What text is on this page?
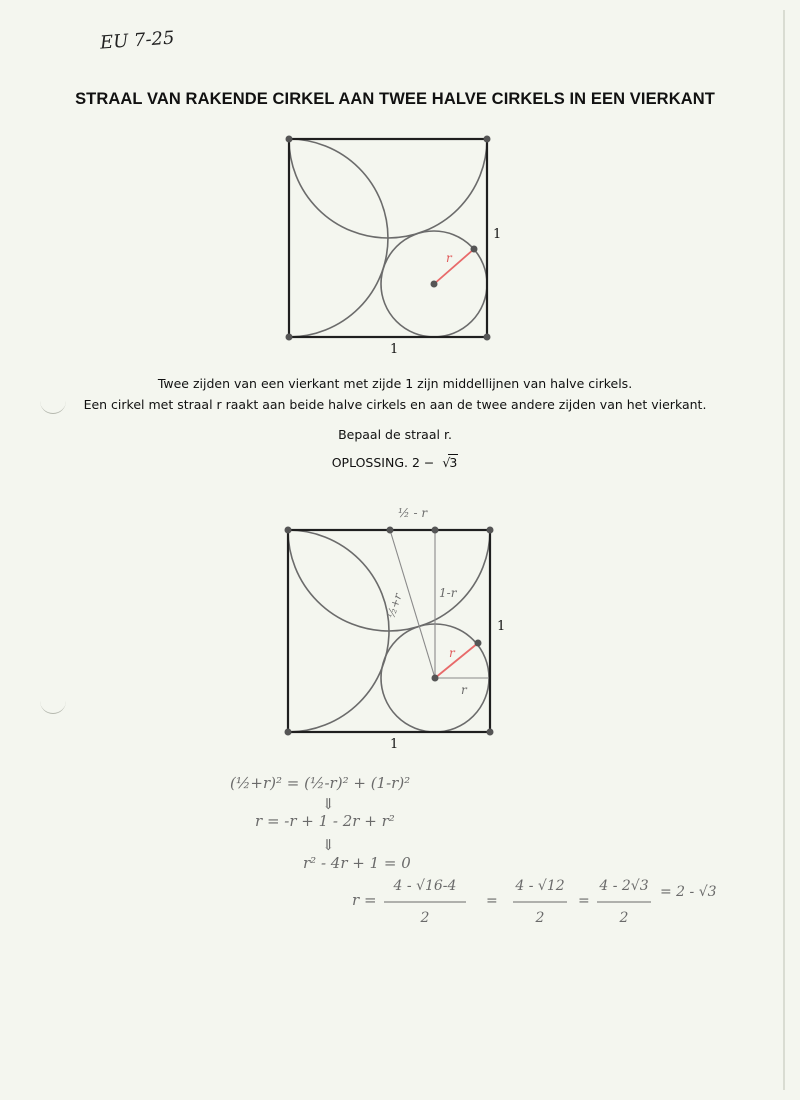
EU 7-25
STRAAL VAN RAKENDE CIRKEL AAN TWEE HALVE CIRKELS IN EEN VIERKANT
r
1
1
Twee zijden van een vierkant met zijde 1 zijn middellijnen van halve cirkels.
Een cirkel met straal r raakt aan beide halve cirkels en aan de twee andere zijden van het vierkant.
Bepaal de straal r.
OPLOSSING. 2 − √3
r
1
1
½ - r
½+r	1-r
r
(½+r)² = (½-r)² + (1-r)²
⇓
r = -r + 1 - 2r + r²
⇓
r² - 4r + 1 = 0
r =
4 - √16-4
2
=
4 - √12
2
=
4 - 2√3
2
= 2 - √3
